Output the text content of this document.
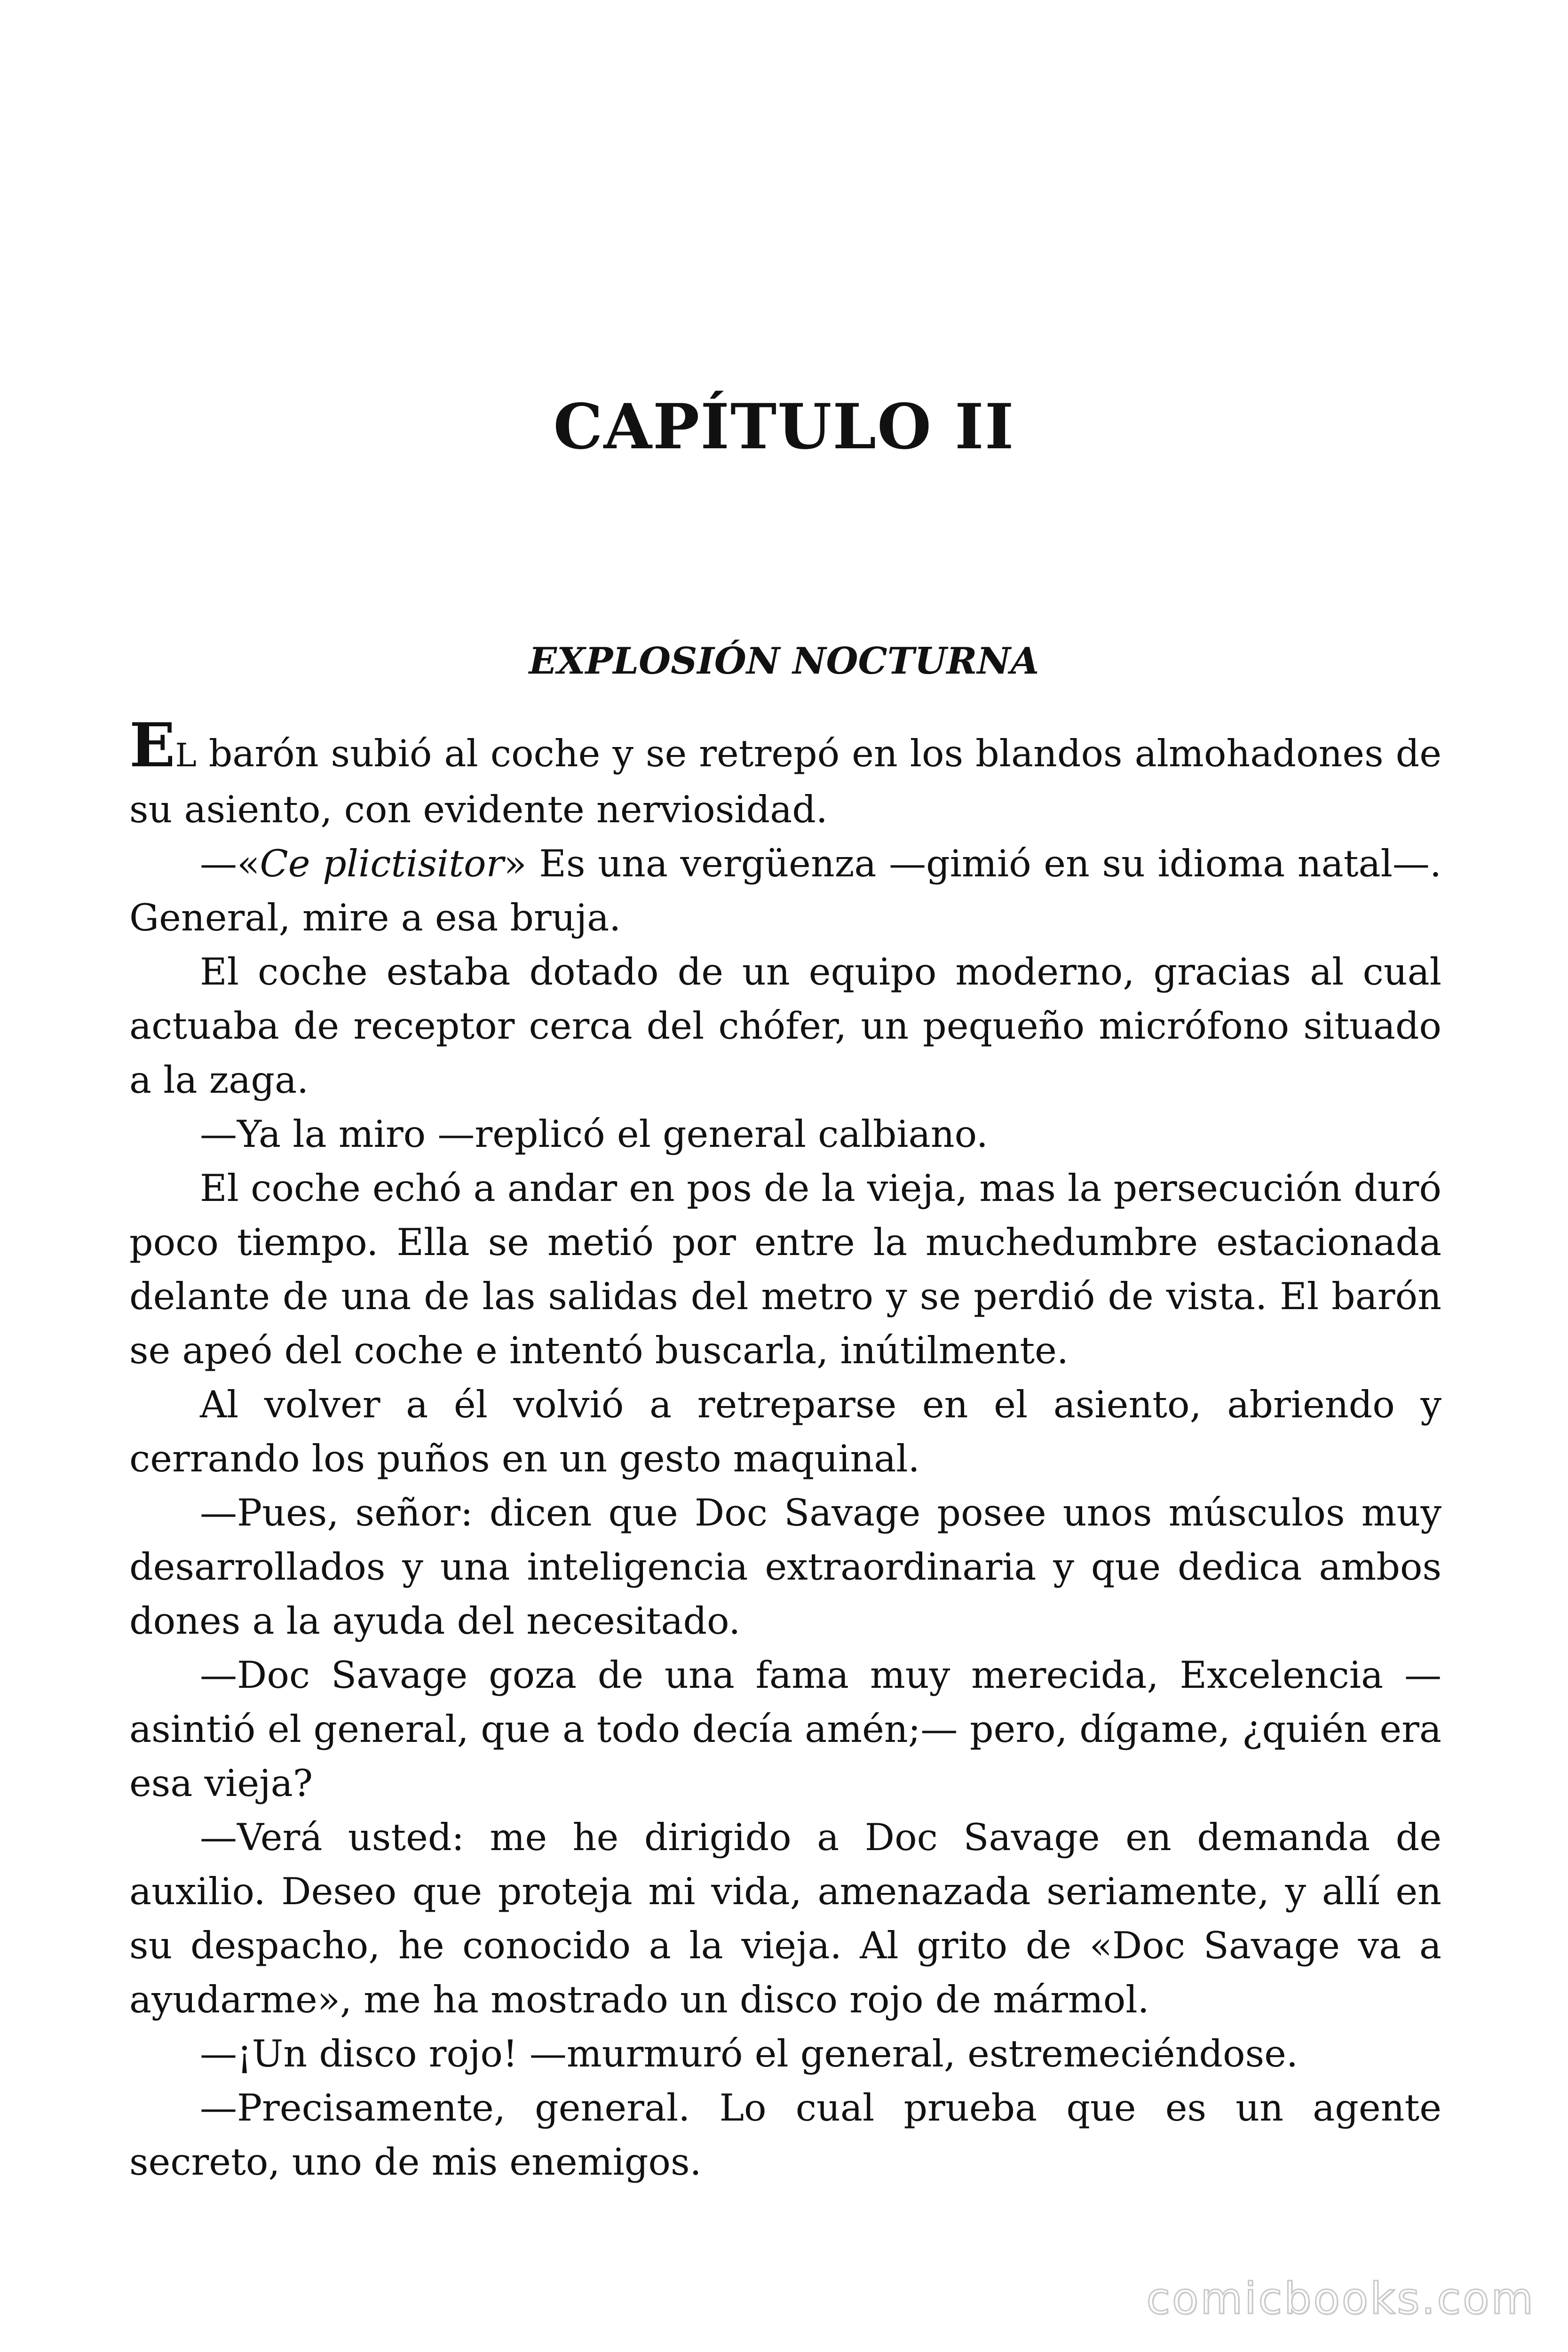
CAPÍTULO II
EXPLOSIÓN NOCTURNA

EL barón subió al coche y se retrepó en los blandos almohadones de su asiento, con evidente nerviosidad.

—«Ce plictisitor» Es una vergüenza —gimió en su idioma natal—. General, mire a esa bruja.

El coche estaba dotado de un equipo moderno, gracias al cual actuaba de receptor cerca del chófer, un pequeño micrófono situado a la zaga.

—Ya la miro —replicó el general calbiano.

El coche echó a andar en pos de la vieja, mas la persecución duró poco tiempo. Ella se metió por entre la muchedumbre estacionada delante de una de las salidas del metro y se perdió de vista. El barón se apeó del coche e intentó buscarla, inútilmente.

Al volver a él volvió a retreparse en el asiento, abriendo y cerrando los puños en un gesto maquinal.

—Pues, señor: dicen que Doc Savage posee unos músculos muy desarrollados y una inteligencia extraordinaria y que dedica ambos dones a la ayuda del necesitado.

—Doc Savage goza de una fama muy merecida, Excelencia — asintió el general, que a todo decía amén;— pero, dígame, ¿quién era esa vieja?

—Verá usted: me he dirigido a Doc Savage en demanda de auxilio. Deseo que proteja mi vida, amenazada seriamente, y allí en su despacho, he conocido a la vieja. Al grito de «Doc Savage va a ayudarme», me ha mostrado un disco rojo de mármol.

—¡Un disco rojo! —murmuró el general, estremeciéndose.

—Precisamente, general. Lo cual prueba que es un agente secreto, uno de mis enemigos.

comicbooks.com
